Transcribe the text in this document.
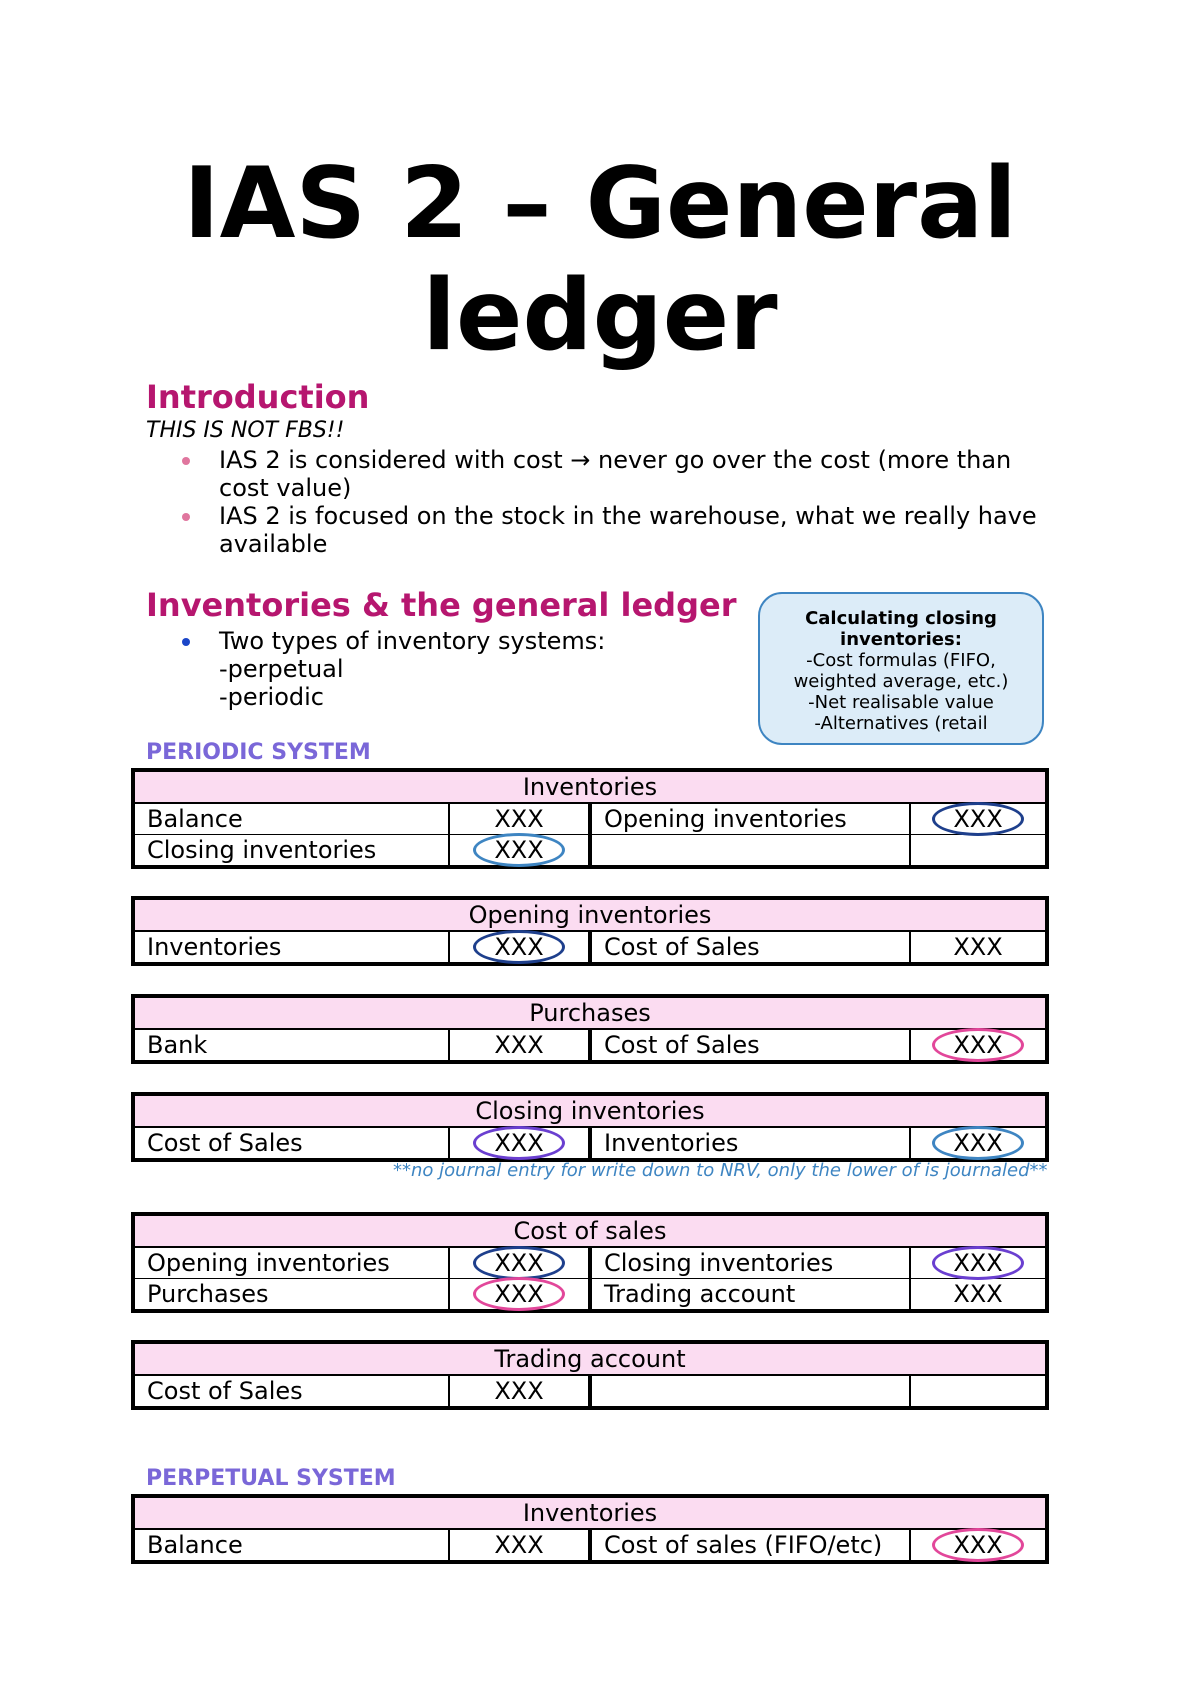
IAS 2 – General
ledger
Introduction
THIS IS NOT FBS!!
IAS 2 is considered with cost → never go over the cost (more than cost value)
IAS 2 is focused on the stock in the warehouse, what we really have available
Inventories & the general ledger
Two types of inventory systems:
-perpetual
-periodic
Calculating closing inventories:
-Cost formulas (FIFO,
weighted average, etc.)
-Net realisable value
-Alternatives (retail
PERIODIC SYSTEM
Inventories
Balance	XXX	Opening inventories	XXX
Closing inventories	XXX
Opening inventories
Inventories	XXX	Cost of Sales	XXX
Purchases
Bank	XXX	Cost of Sales	XXX
Closing inventories
Cost of Sales	XXX	Inventories	XXX
**no journal entry for write down to NRV, only the lower of is journaled**
Cost of sales
Opening inventories	XXX	Closing inventories	XXX
Purchases	XXX	Trading account	XXX
Trading account
Cost of Sales	XXX
PERPETUAL SYSTEM
Inventories
Balance	XXX	Cost of sales (FIFO/etc)	XXX
